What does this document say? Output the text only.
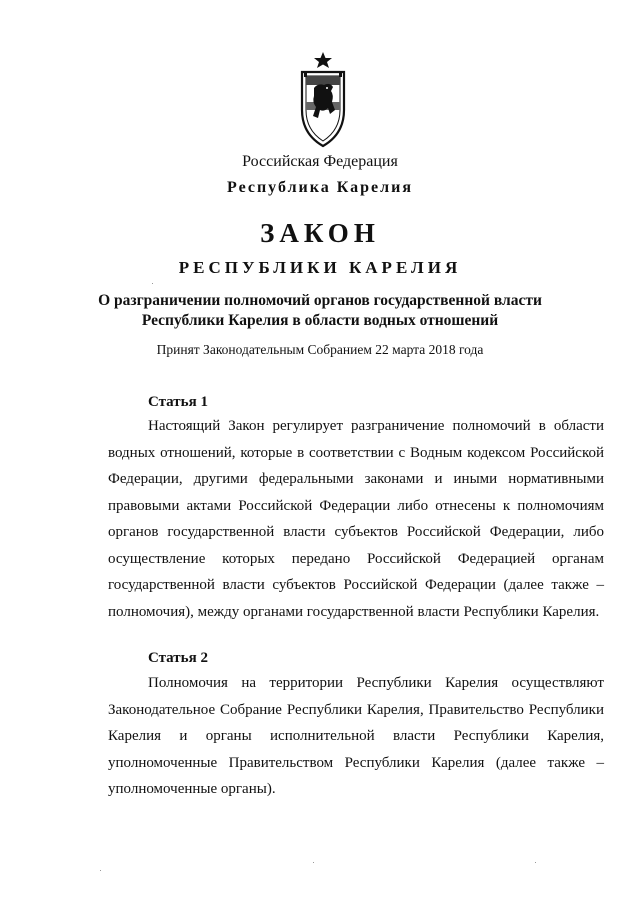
Российская Федерация
Республика Карелия
ЗАКОН
РЕСПУБЛИКИ КАРЕЛИЯ
О разграничении полномочий органов государственной власти
Республики Карелия в области водных отношений
Принят Законодательным Собранием 22 марта 2018 года
Статья 1

Настоящий Закон регулирует разграничение полномочий в области водных отношений, которые в соответствии с Водным кодексом Российской Федерации, другими федеральными законами и иными нормативными правовыми актами Российской Федерации либо отнесены к полномочиям органов государственной власти субъектов Российской Федерации, либо осуществление которых передано Российской Федерацией органам государственной власти субъектов Российской Федерации (далее также – полномочия), между органами государственной власти Республики Карелия.

Статья 2

Полномочия на территории Республики Карелия осуществляют Законодательное Собрание Республики Карелия, Правительство Республики Карелия и органы исполнительной власти Республики Карелия, уполномоченные Правительством Республики Карелия (далее также – уполномоченные органы).
